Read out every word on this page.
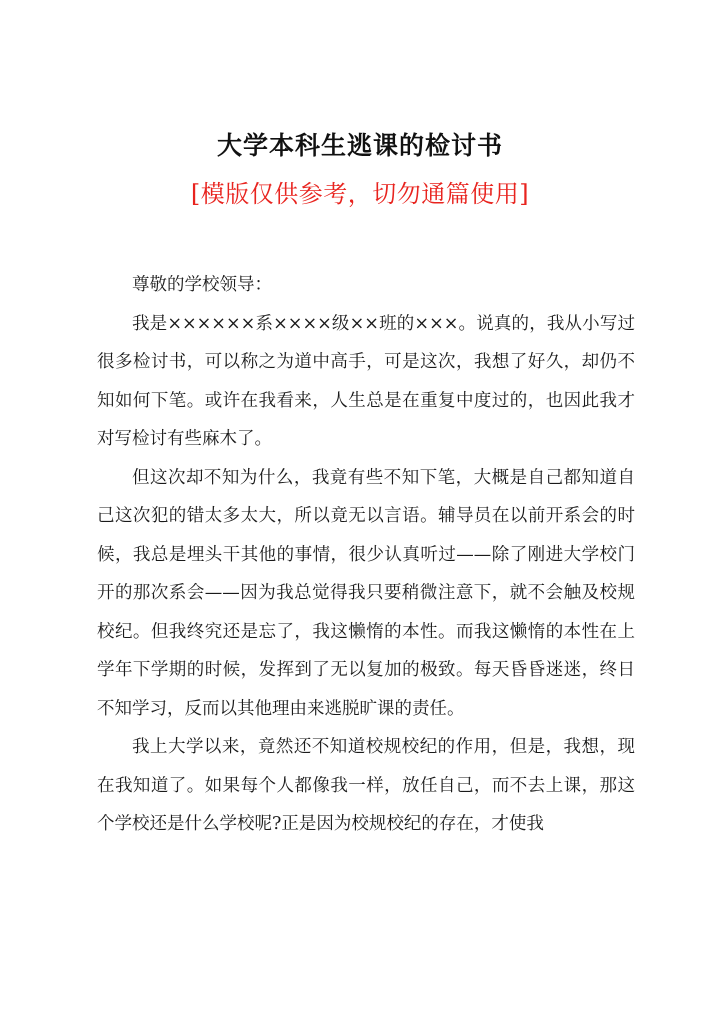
大学本科生逃课的检讨书
[模版仅供参考，切勿通篇使用]

尊敬的学校领导：

我是××××××系××××级××班的×××。说真的，我从小写过很多检讨书，可以称之为道中高手，可是这次，我想了好久，却仍不知如何下笔。或许在我看来，人生总是在重复中度过的，也因此我才对写检讨有些麻木了。

但这次却不知为什么，我竟有些不知下笔，大概是自己都知道自己这次犯的错太多太大，所以竟无以言语。辅导员在以前开系会的时候，我总是埋头干其他的事情，很少认真听过——除了刚进大学校门开的那次系会——因为我总觉得我只要稍微注意下，就不会触及校规校纪。但我终究还是忘了，我这懒惰的本性。而我这懒惰的本性在上学年下学期的时候，发挥到了无以复加的极致。每天昏昏迷迷，终日不知学习，反而以其他理由来逃脱旷课的责任。

我上大学以来，竟然还不知道校规校纪的作用，但是，我想，现在我知道了。如果每个人都像我一样，放任自己，而不去上课，那这个学校还是什么学校呢?正是因为校规校纪的存在，才使我
